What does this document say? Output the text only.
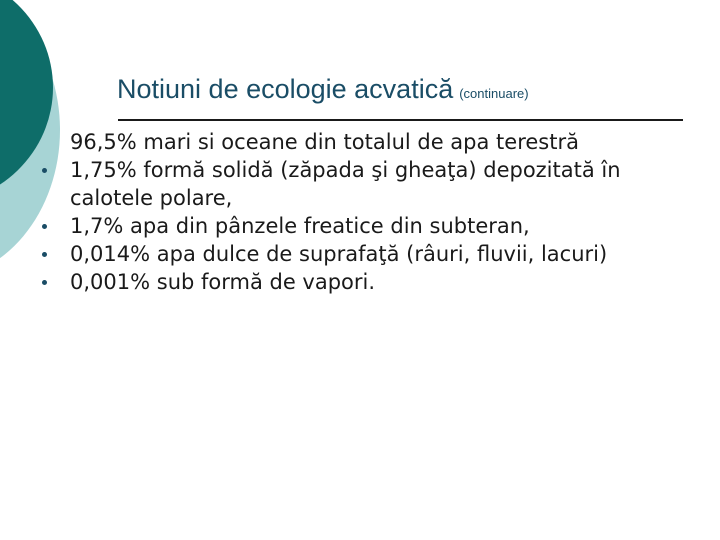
Notiuni de ecologie acvatică (continuare)
96,5% mari si oceane din totalul de apa terestră
1,75% formă solidă (zăpada şi gheaţa) depozitată în calotele polare,
1,7% apa din pânzele freatice din subteran,
0,014% apa dulce de suprafaţă (râuri, fluvii, lacuri)
0,001% sub formă de vapori.
